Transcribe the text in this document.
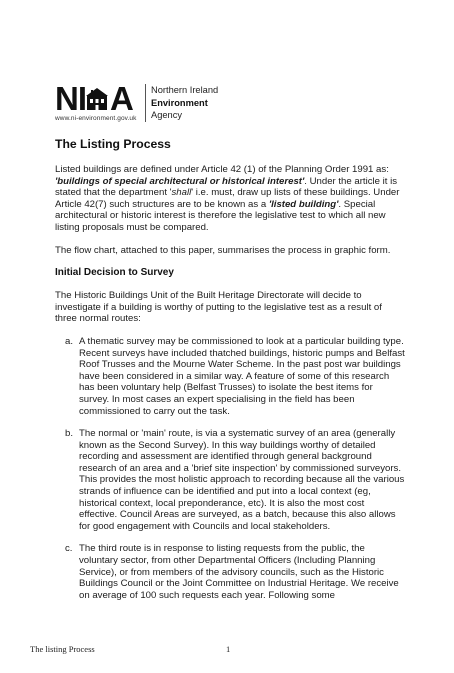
NI A
www.ni-environment.gov.uk
Northern Ireland
Environment
Agency
The Listing Process

Listed buildings are defined under Article 42 (1) of the Planning Order 1991 as: 'buildings of special architectural or historical interest'. Under the article it is stated that the department 'shall' i.e. must, draw up lists of these buildings. Under Article 42(7) such structures are to be known as a 'listed building'. Special architectural or historic interest is therefore the legislative test to which all new listing proposals must be compared.

The flow chart, attached to this paper, summarises the process in graphic form.

Initial Decision to Survey

The Historic Buildings Unit of the Built Heritage Directorate will decide to investigate if a building is worthy of putting to the legislative test as a result of three normal routes:

a. A thematic survey may be commissioned to look at a particular building type. Recent surveys have included thatched buildings, historic pumps and Belfast Roof Trusses and the Mourne Water Scheme. In the past post war buildings have been considered in a similar way. A feature of some of this research has been voluntary help (Belfast Trusses) to isolate the best items for survey. In most cases an expert specialising in the field has been commissioned to carry out the task.
b. The normal or 'main' route, is via a systematic survey of an area (generally known as the Second Survey). In this way buildings worthy of detailed recording and assessment are identified through general background research of an area and a 'brief site inspection' by commissioned surveyors. This provides the most holistic approach to recording because all the various strands of influence can be identified and put into a local context (eg, historical context, local preponderance, etc). It is also the most cost effective. Council Areas are surveyed, as a batch, because this also allows for good engagement with Councils and local stakeholders.
c. The third route is in response to listing requests from the public, the voluntary sector, from other Departmental Officers (Including Planning Service), or from members of the advisory councils, such as the Historic Buildings Council or the Joint Committee on Industrial Heritage. We receive on average of 100 such requests each year. Following some
The listing Process	1
